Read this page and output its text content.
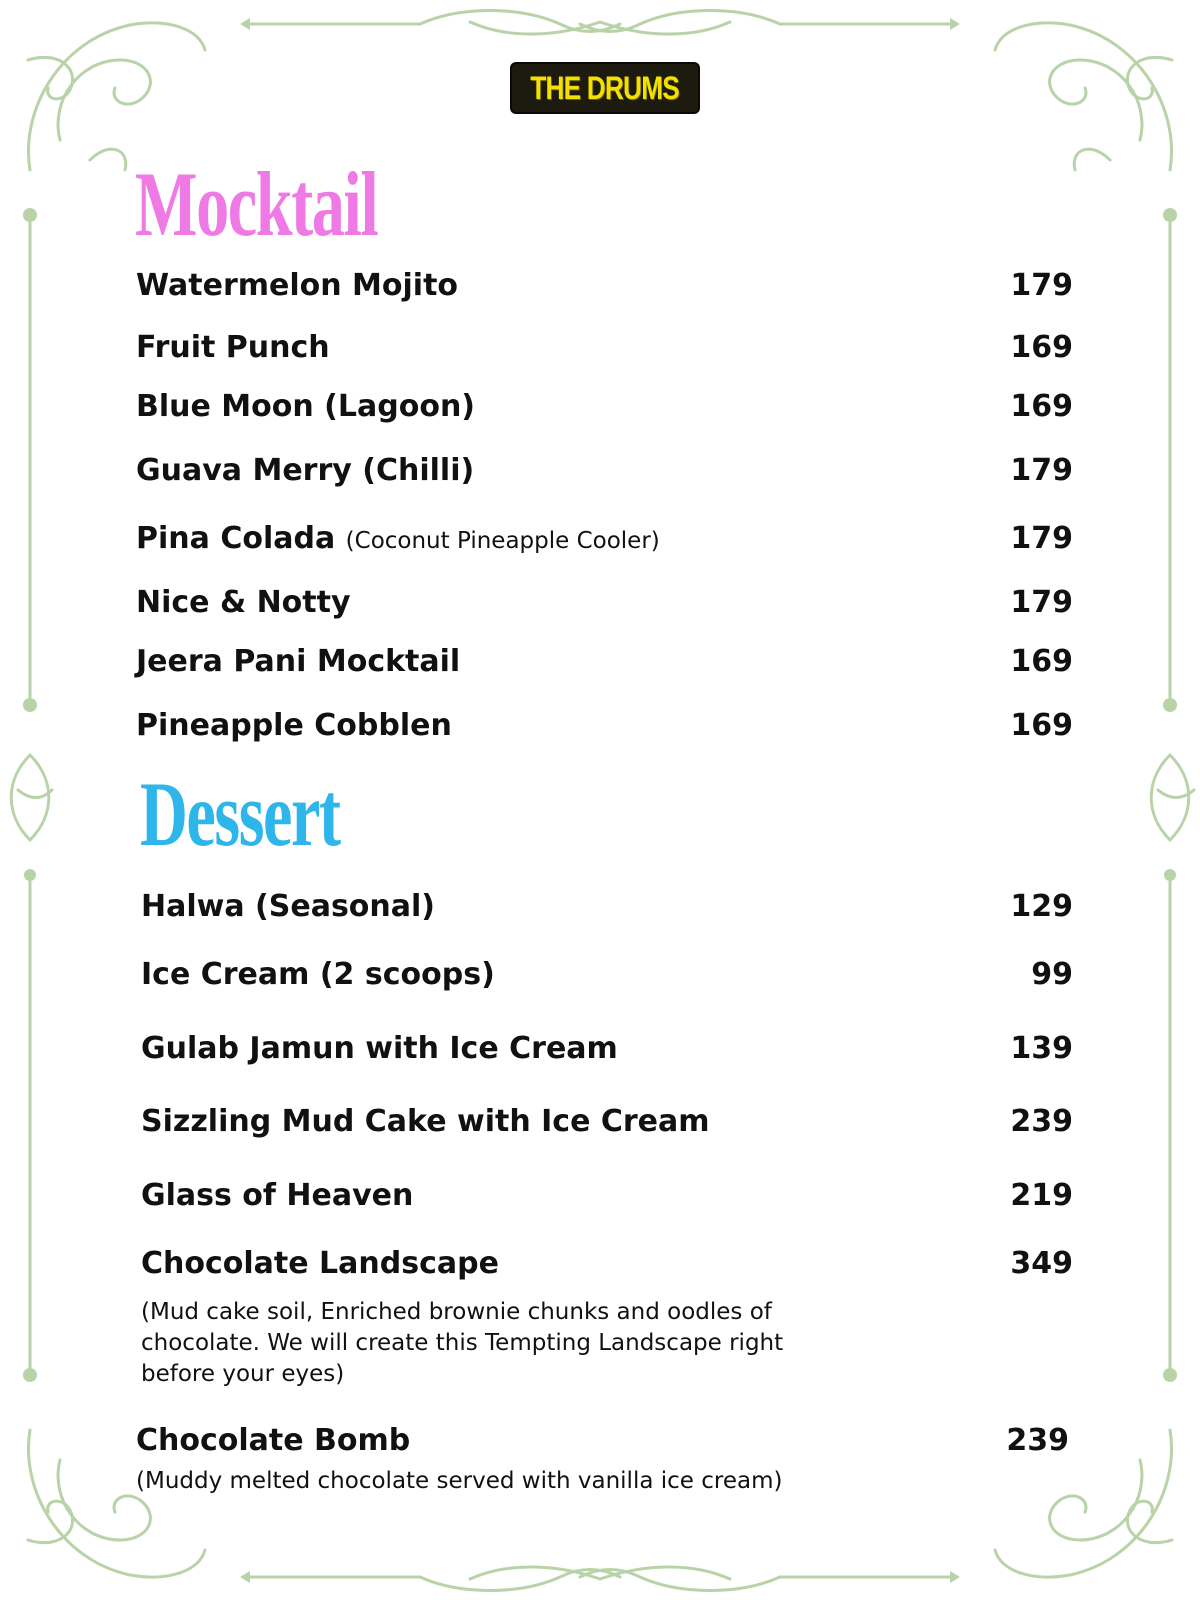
THE DRUMS
Mocktail
Watermelon Mojito	179
Fruit Punch	169
Blue Moon (Lagoon)	169
Guava Merry (Chilli)	179
Pina Colada (Coconut Pineapple Cooler)	179
Nice & Notty	179
Jeera Pani Mocktail	169
Pineapple Cobblen	169
Dessert
Halwa (Seasonal)	129
Ice Cream (2 scoops)	99
Gulab Jamun with Ice Cream	139
Sizzling Mud Cake with Ice Cream	239
Glass of Heaven	219
Chocolate Landscape	349
(Mud cake soil, Enriched brownie chunks and oodles of chocolate. We will create this Tempting Landscape right before your eyes)
Chocolate Bomb	239
(Muddy melted chocolate served with vanilla ice cream)
